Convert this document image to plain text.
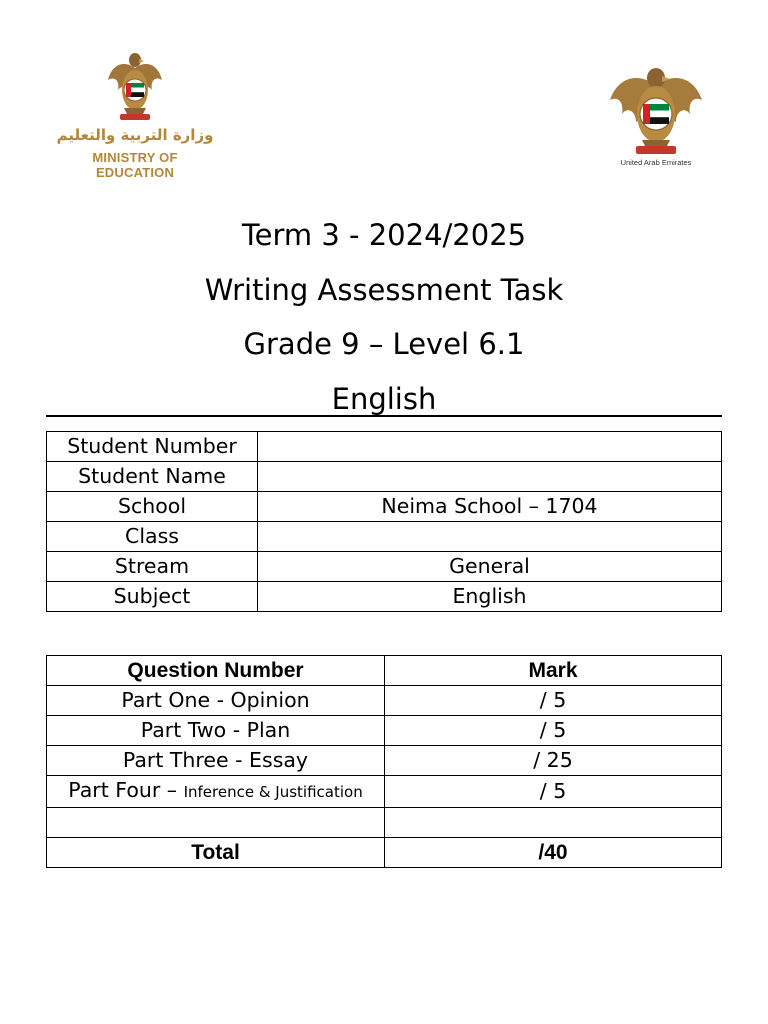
وزارة التربية والتعليم
MINISTRY OF EDUCATION
United Arab Emirates
Term 3 - 2024/2025
Writing Assessment Task
Grade 9 – Level 6.1
English
Student Number	
Student Name	
School	Neima School – 1704
Class	
Stream	General
Subject	English
Question Number	Mark
Part One - Opinion	/ 5
Part Two - Plan	/ 5
Part Three - Essay	/ 25
Part Four – Inference & Justification	/ 5

Total	/40
